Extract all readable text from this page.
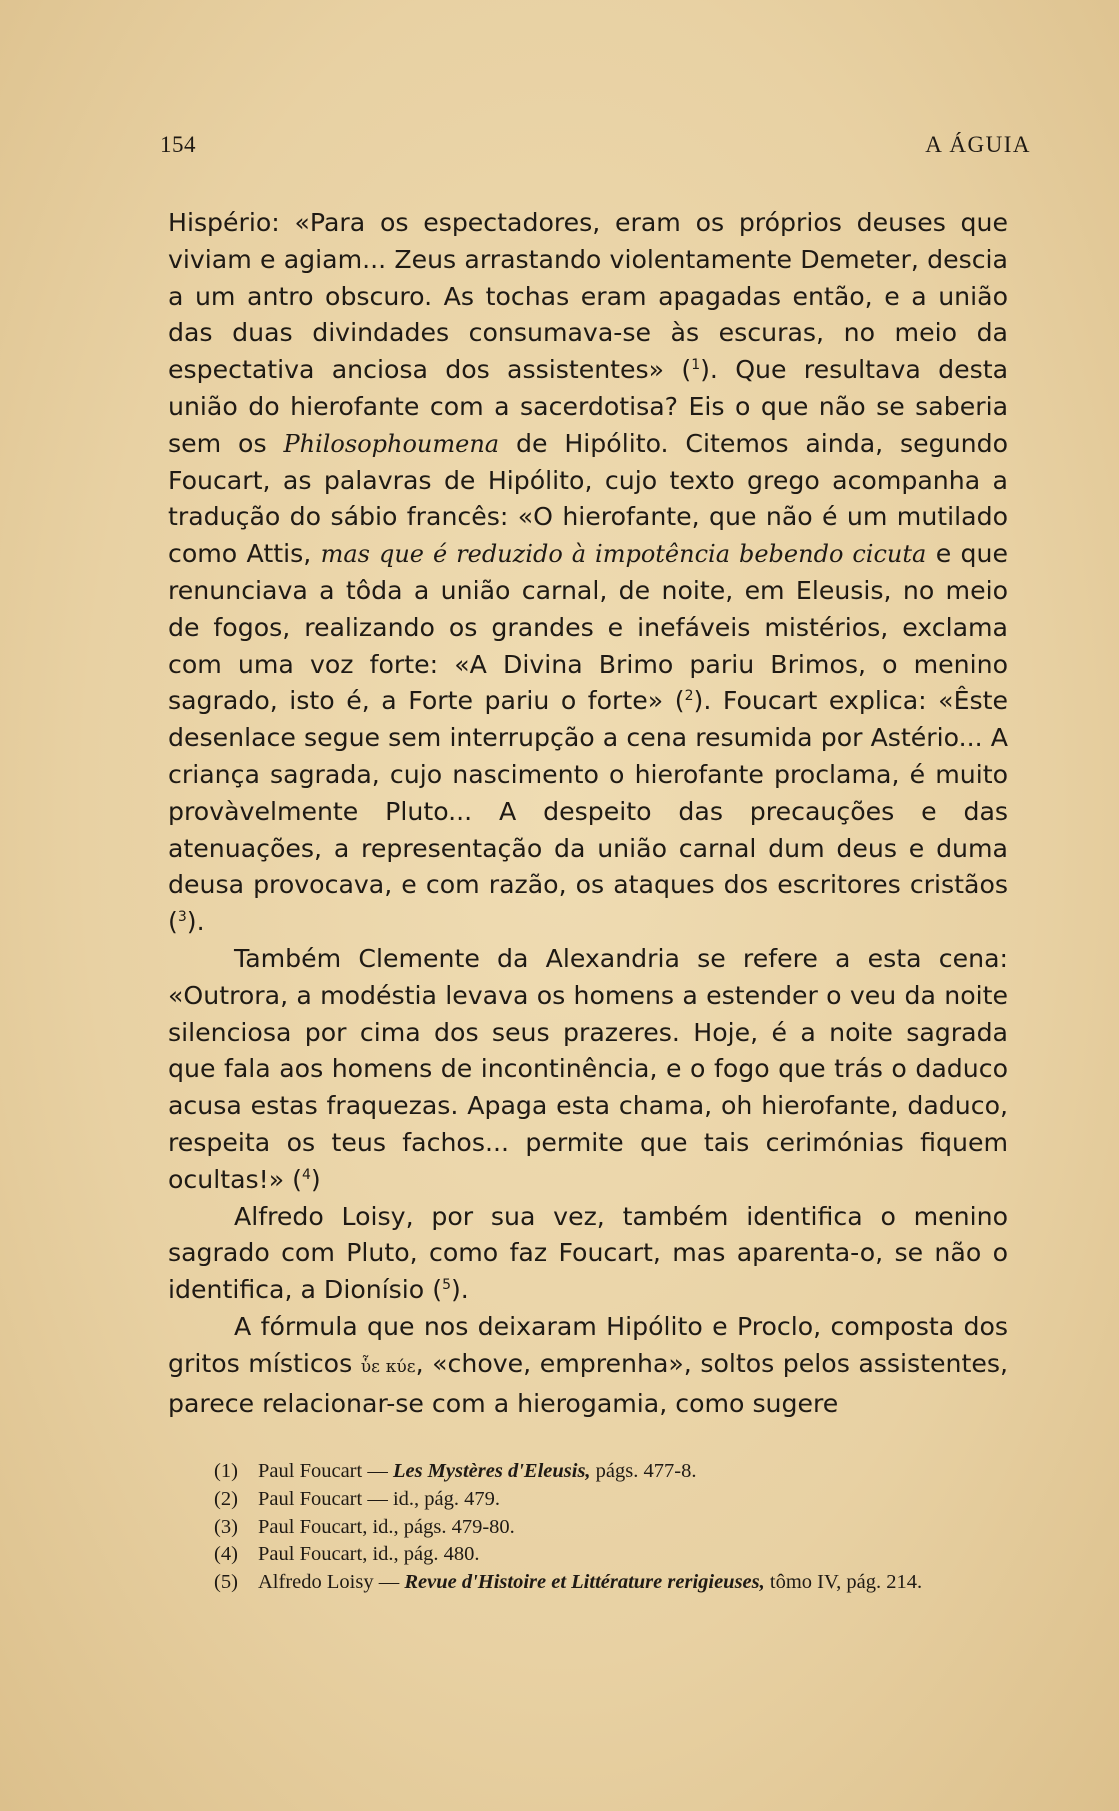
154	A ÁGUIA

Hispério: «Para os espectadores, eram os próprios deuses que viviam e agiam... Zeus arrastando violentamente Demeter, descia a um antro obscuro. As tochas eram apagadas então, e a união das duas divindades consumava-se às escuras, no meio da espectativa anciosa dos assistentes» ($^1$). Que resultava desta união do hierofante com a sacerdotisa? Eis o que não se saberia sem os Philosophoumena de Hipólito. Citemos ainda, segundo Foucart, as palavras de Hipólito, cujo texto grego acompanha a tradução do sábio francês: «O hierofante, que não é um mutilado como Attis, mas que é reduzido à impotência bebendo cicuta e que renunciava a tôda a união carnal, de noite, em Eleusis, no meio de fogos, realizando os grandes e inefáveis mistérios, exclama com uma voz forte: «A Divina Brimo pariu Brimos, o menino sagrado, isto é, a Forte pariu o forte» ($^2$). Foucart explica: «Êste desenlace segue sem interrupção a cena resumida por Astério... A criança sagrada, cujo nascimento o hierofante proclama, é muito provàvelmente Pluto... A despeito das precauções e das atenuações, a representação da união carnal dum deus e duma deusa provocava, e com razão, os ataques dos escritores cristãos ($^3$).

Também Clemente da Alexandria se refere a esta cena: «Outrora, a modéstia levava os homens a estender o veu da noite silenciosa por cima dos seus prazeres. Hoje, é a noite sagrada que fala aos homens de incontinência, e o fogo que trás o daduco acusa estas fraquezas. Apaga esta chama, oh hierofante, daduco, respeita os teus fachos... permite que tais cerimónias fiquem ocultas!» ($^4$)

Alfredo Loisy, por sua vez, também identifica o menino sagrado com Pluto, como faz Foucart, mas aparenta-o, se não o identifica, a Dionísio ($^5$).

A fórmula que nos deixaram Hipólito e Proclo, composta dos gritos místicos ὗε κύε, «chove, emprenha», soltos pelos assistentes, parece relacionar-se com a hierogamia, como sugere

(1) Paul Foucart — Les Mystères d'Eleusis, págs. 477-8.
(2) Paul Foucart — id., pág. 479.
(3) Paul Foucart, id., págs. 479-80.
(4) Paul Foucart, id., pág. 480.
(5) Alfredo Loisy — Revue d'Histoire et Littérature rerigieuses, tômo IV, pág. 214.
